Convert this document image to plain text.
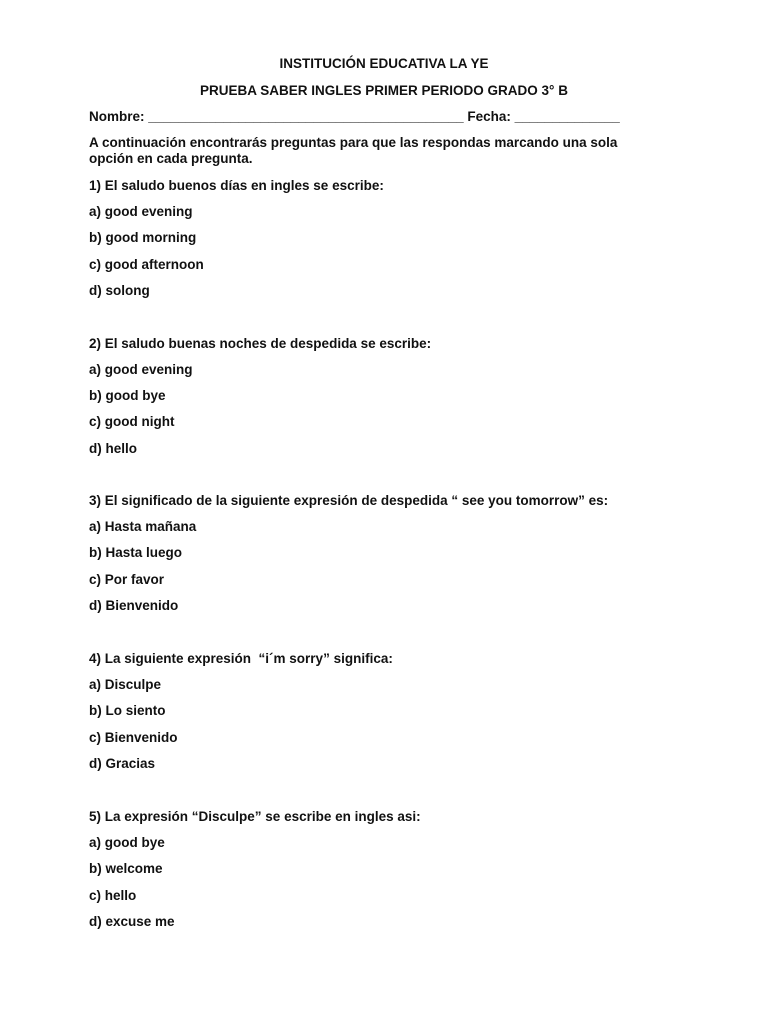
INSTITUCIÓN EDUCATIVA LA YE
PRUEBA SABER INGLES PRIMER PERIODO GRADO 3° B
Nombre: __________________________________________ Fecha: ______________
A continuación encontrarás preguntas para que las respondas marcando una sola
opción en cada pregunta.
1) El saludo buenos días en ingles se escribe:
a) good evening
b) good morning
c) good afternoon
d) solong
2) El saludo buenas noches de despedida se escribe:
a) good evening
b) good bye
c) good night
d) hello
3) El significado de la siguiente expresión de despedida “ see you tomorrow” es:
a) Hasta mañana
b) Hasta luego
c) Por favor
d) Bienvenido
4) La siguiente expresión  “i´m sorry” significa:
a) Disculpe
b) Lo siento
c) Bienvenido
d) Gracias
5) La expresión “Disculpe” se escribe en ingles asi:
a) good bye
b) welcome
c) hello
d) excuse me
